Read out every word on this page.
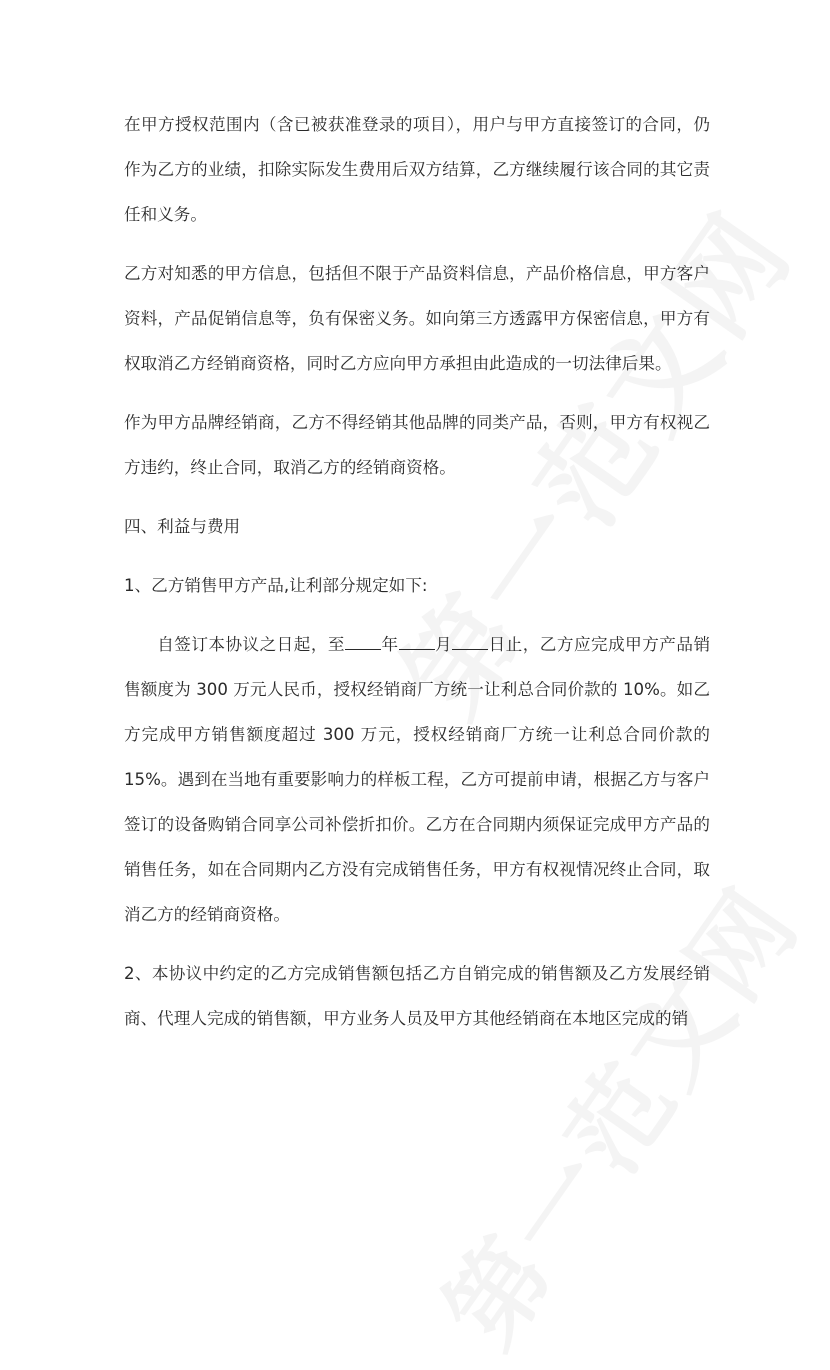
在甲方授权范围内（含已被获准登录的项目），用户与甲方直接签订的合同，仍作为乙方的业绩，扣除实际发生费用后双方结算，乙方继续履行该合同的其它责任和义务。

乙方对知悉的甲方信息，包括但不限于产品资料信息，产品价格信息，甲方客户资料，产品促销信息等，负有保密义务。如向第三方透露甲方保密信息，甲方有权取消乙方经销商资格，同时乙方应向甲方承担由此造成的一切法律后果。

作为甲方品牌经销商，乙方不得经销其他品牌的同类产品，否则，甲方有权视乙方违约，终止合同，取消乙方的经销商资格。

四、利益与费用

1、乙方销售甲方产品,让利部分规定如下:

自签订本协议之日起，至 年 月 日止，乙方应完成甲方产品销售额度为 300 万元人民币，授权经销商厂方统一让利总合同价款的 10%。如乙方完成甲方销售额度超过 300 万元，授权经销商厂方统一让利总合同价款的 15%。遇到在当地有重要影响力的样板工程，乙方可提前申请，根据乙方与客户签订的设备购销合同享公司补偿折扣价。乙方在合同期内须保证完成甲方产品的销售任务，如在合同期内乙方没有完成销售任务，甲方有权视情况终止合同，取消乙方的经销商资格。

2、本协议中约定的乙方完成销售额包括乙方自销完成的销售额及乙方发展经销商、代理人完成的销售额，甲方业务人员及甲方其他经销商在本地区完成的销
